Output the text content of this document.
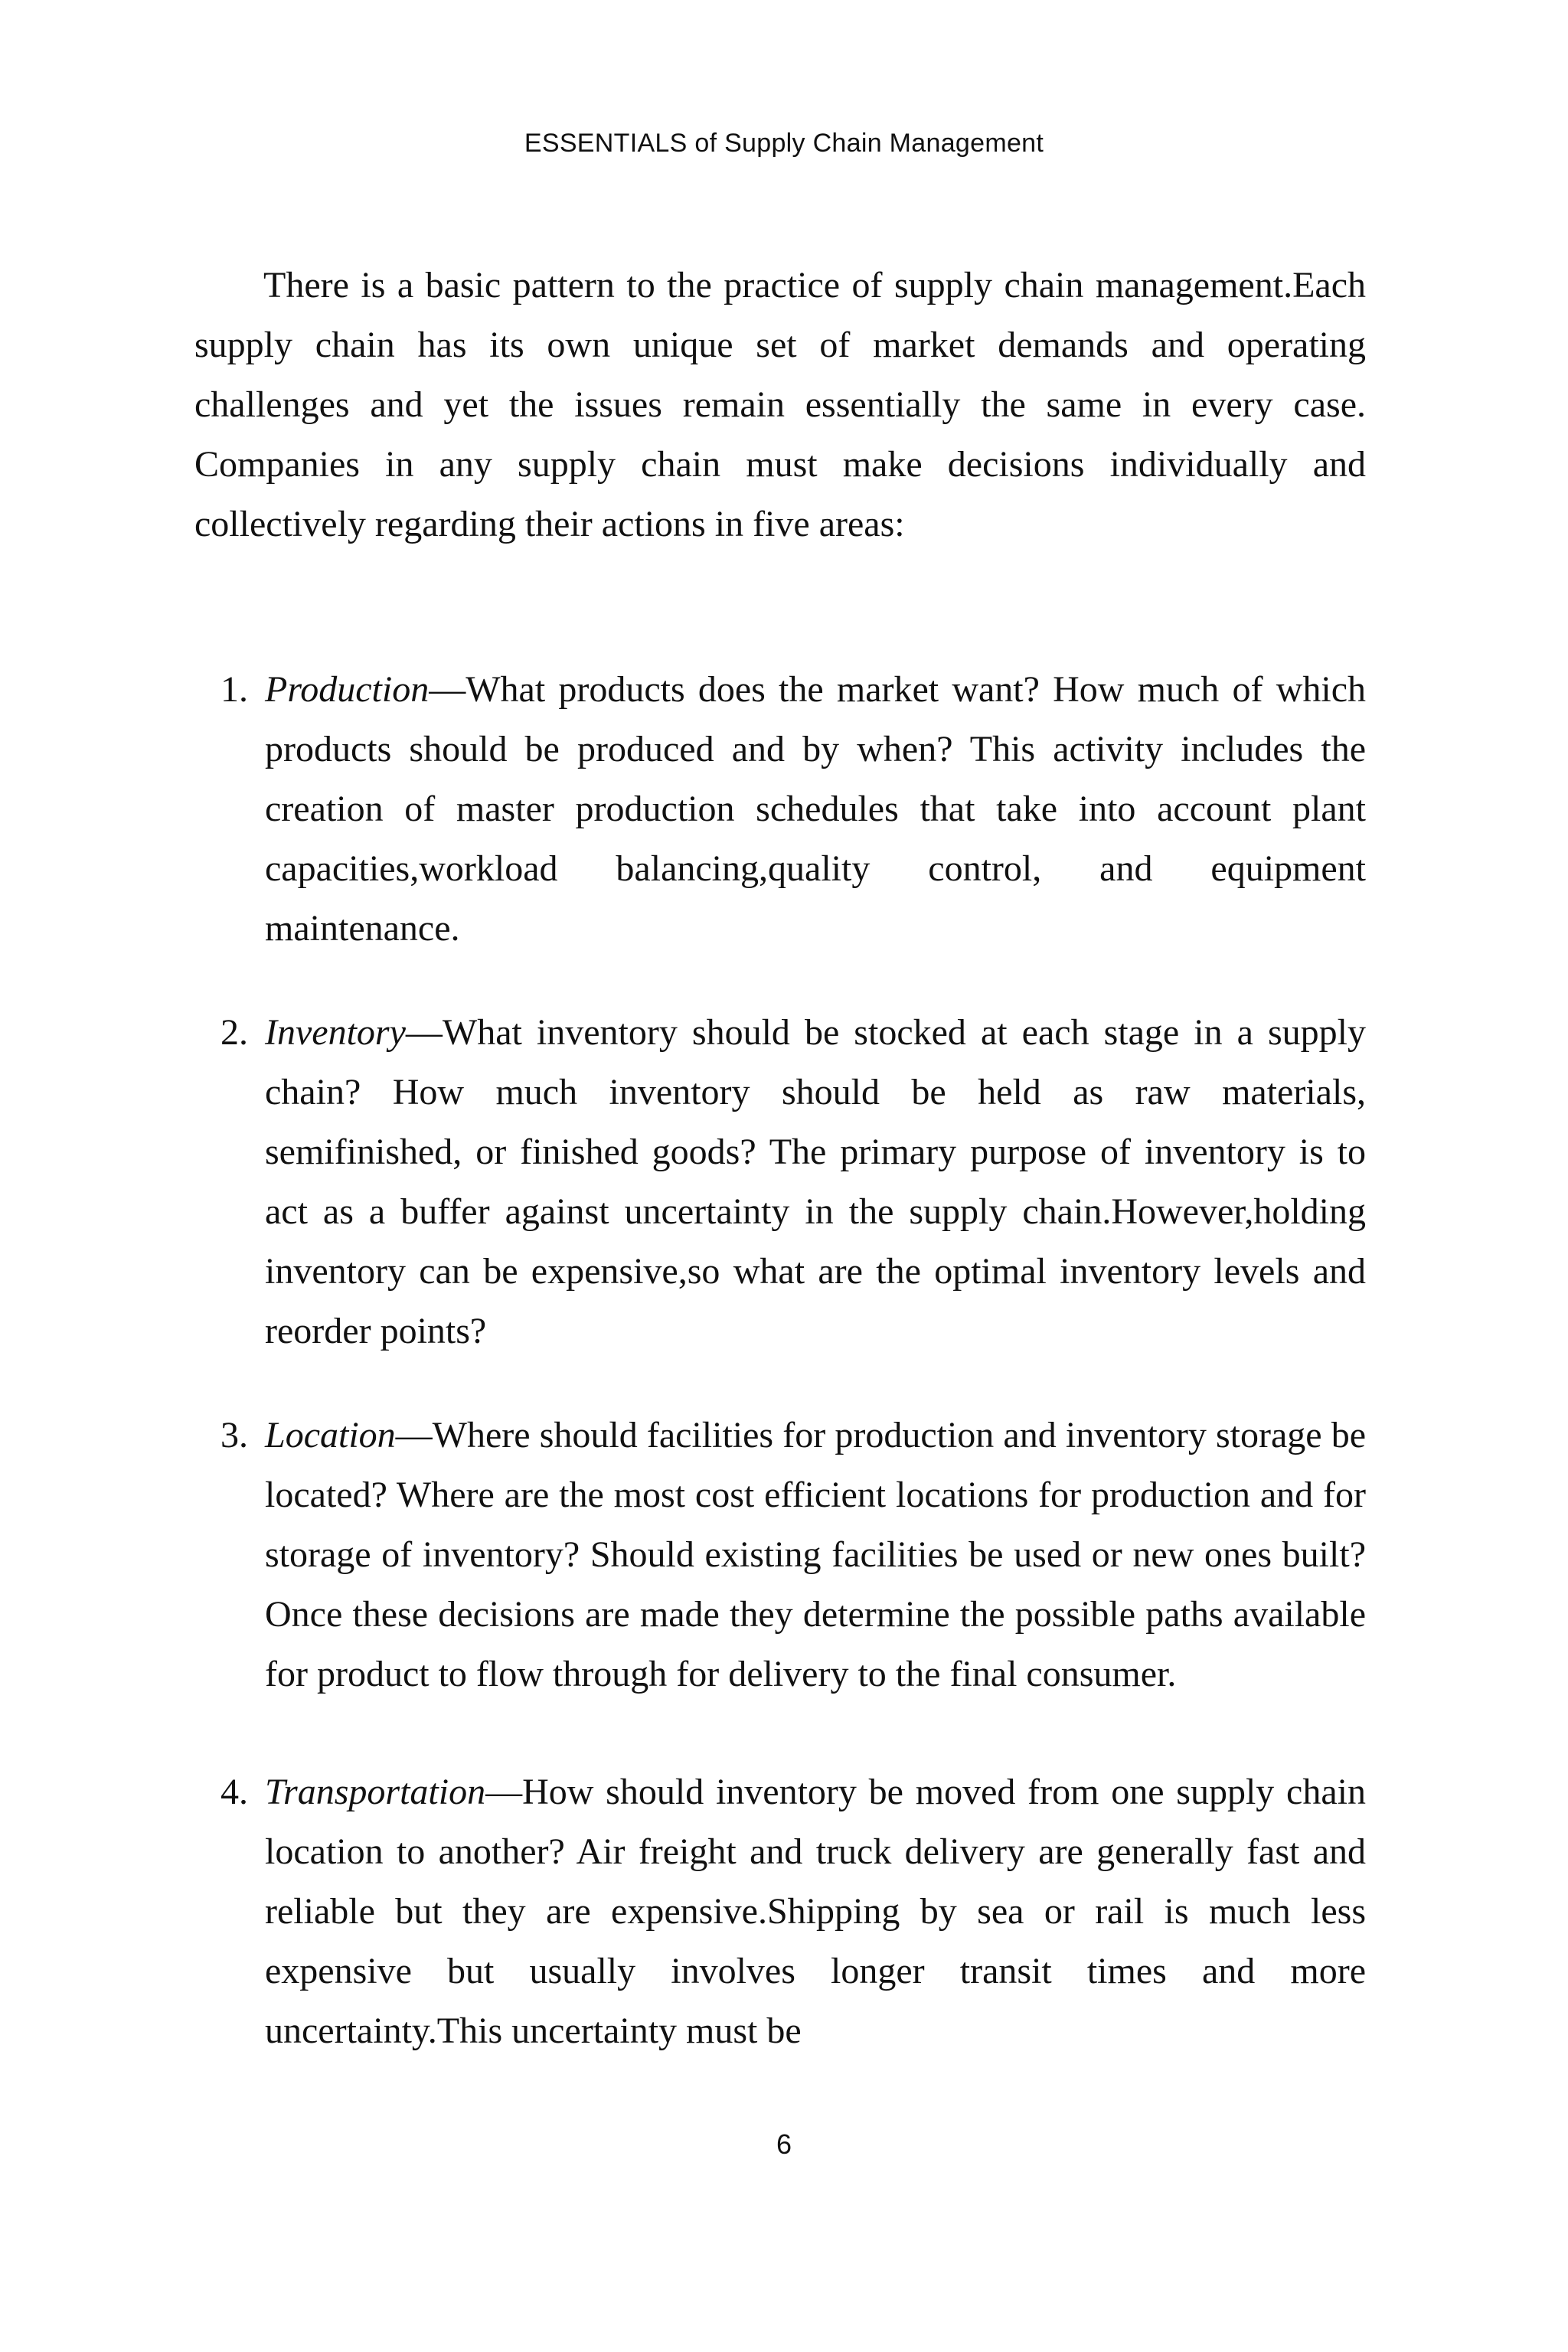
ESSENTIALS of Supply Chain Management

There is a basic pattern to the practice of supply chain management.Each supply chain has its own unique set of market demands and operating challenges and yet the issues remain essentially the same in every case. Companies in any supply chain must make decisions individually and collectively regarding their actions in five areas:

1. Production—What products does the market want? How much of which products should be produced and by when? This activity includes the creation of master production schedules that take into account plant capacities,workload balancing,quality control, and equipment maintenance.
2. Inventory—What inventory should be stocked at each stage in a supply chain? How much inventory should be held as raw materials, semifinished, or finished goods? The primary purpose of inventory is to act as a buffer against uncertainty in the supply chain.However,holding inventory can be expensive,so what are the optimal inventory levels and reorder points?
3. Location—Where should facilities for production and inventory storage be located? Where are the most cost efficient locations for production and for storage of inventory? Should existing facilities be used or new ones built? Once these decisions are made they determine the possible paths available for product to flow through for delivery to the final consumer.
4. Transportation—How should inventory be moved from one supply chain location to another? Air freight and truck delivery are generally fast and reliable but they are expensive.Shipping by sea or rail is much less expensive but usually involves longer transit times and more uncertainty.This uncertainty must be
6
